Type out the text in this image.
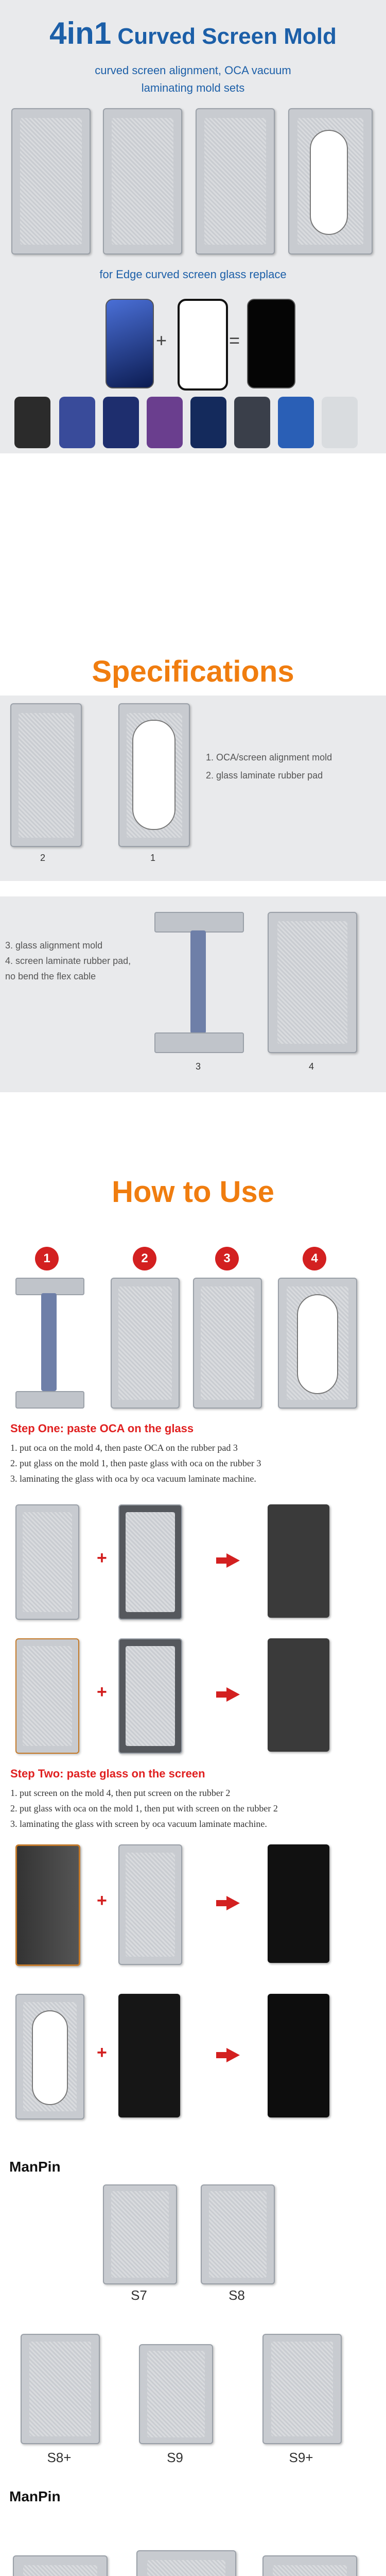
4in1 Curved Screen Mold
curved screen alignment, OCA vacuum laminating mold sets
for Edge curved screen glass replace
+	=
Specifications
2	1
1. OCA/screen alignment mold
2. glass laminate rubber pad
3. glass alignment mold
4. screen laminate rubber pad,
no bend the flex cable
3	4
How to Use
1	2	3	4
Step One: paste OCA on the glass
1. put oca on the mold 4, then paste OCA on the rubber pad 3
2. put glass on the mold 1, then paste glass with oca on the rubber 3
3. laminating the glass with oca by oca vacuum laminate machine.
+
+
Step Two: paste glass on the screen
1. put screen on the mold 4, then put screen on the rubber 2
2. put glass with oca on the mold 1, then put with screen on the rubber 2
3. laminating the glass with screen by oca vacuum laminate machine.
+
+
ManPin
S7	S8
S8+	S9	S9+
ManPin
